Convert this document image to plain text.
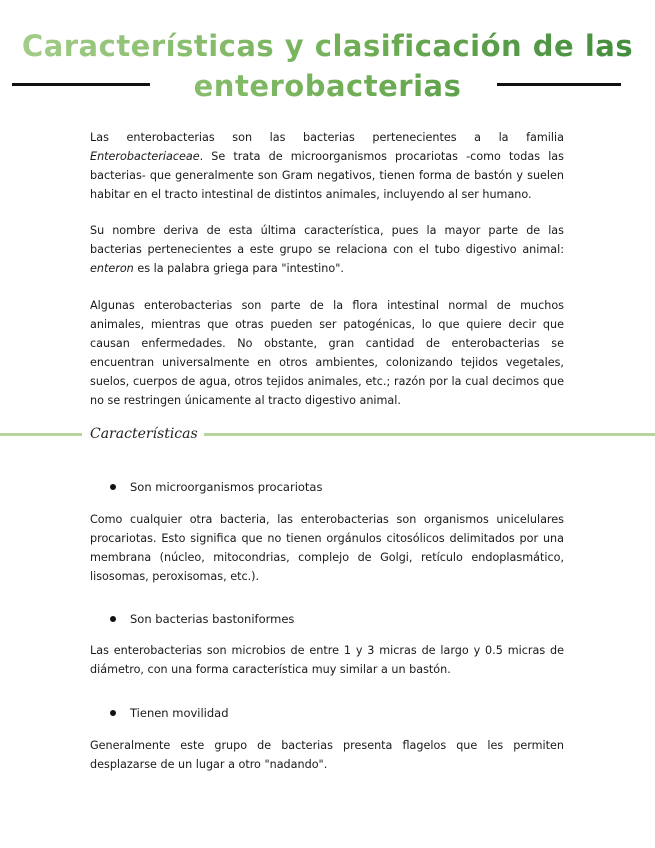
Características y clasificación de las
enterobacterias

Las enterobacterias son las bacterias pertenecientes a la familia Enterobacteriaceae. Se trata de microorganismos procariotas -como todas las bacterias- que generalmente son Gram negativos, tienen forma de bastón y suelen habitar en el tracto intestinal de distintos animales, incluyendo al ser humano.

Su nombre deriva de esta última característica, pues la mayor parte de las bacterias pertenecientes a este grupo se relaciona con el tubo digestivo animal: enteron es la palabra griega para "intestino".

Algunas enterobacterias son parte de la flora intestinal normal de muchos animales, mientras que otras pueden ser patogénicas, lo que quiere decir que causan enfermedades. No obstante, gran cantidad de enterobacterias se encuentran universalmente en otros ambientes, colonizando tejidos vegetales, suelos, cuerpos de agua, otros tejidos animales, etc.; razón por la cual decimos que no se restringen únicamente al tracto digestivo animal.

Características
Son microorganismos procariotas

Como cualquier otra bacteria, las enterobacterias son organismos unicelulares procariotas. Esto significa que no tienen orgánulos citosólicos delimitados por una membrana (núcleo, mitocondrias, complejo de Golgi, retículo endoplasmático, lisosomas, peroxisomas, etc.).

Son bacterias bastoniformes

Las enterobacterias son microbios de entre 1 y 3 micras de largo y 0.5 micras de diámetro, con una forma característica muy similar a un bastón.

Tienen movilidad

Generalmente este grupo de bacterias presenta flagelos que les permiten desplazarse de un lugar a otro "nadando".
